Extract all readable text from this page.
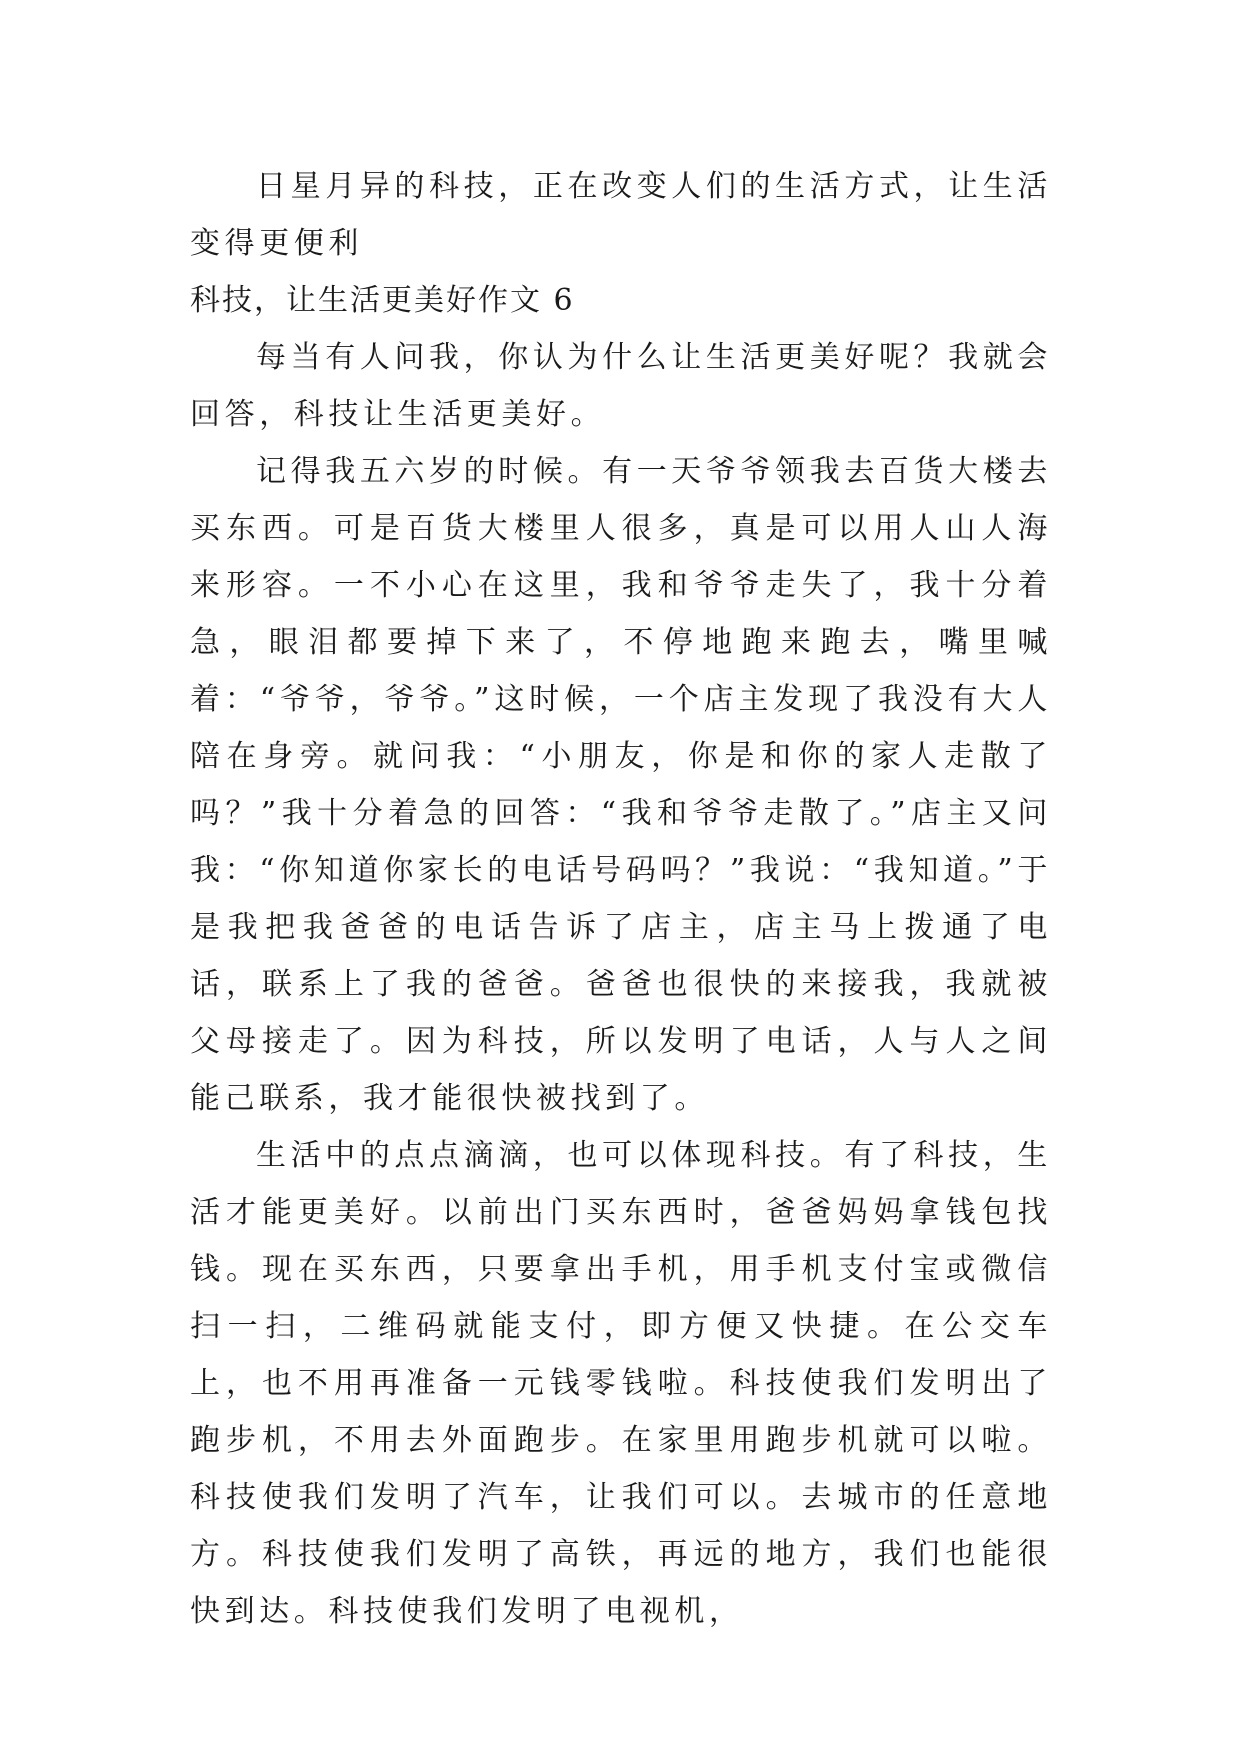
日星月异的科技，正在改变人们的生活方式，让生活变得更便利

科技，让生活更美好作文 6

每当有人问我，你认为什么让生活更美好呢？我就会回答，科技让生活更美好。

记得我五六岁的时候。有一天爷爷领我去百货大楼去买东西。可是百货大楼里人很多，真是可以用人山人海来形容。一不小心在这里，我和爷爷走失了，我十分着急，眼泪都要掉下来了，不停地跑来跑去，嘴里喊着：“爷爷，爷爷。”这时候，一个店主发现了我没有大人陪在身旁。就问我：“小朋友，你是和你的家人走散了吗？”我十分着急的回答：“我和爷爷走散了。”店主又问我：“你知道你家长的电话号码吗？”我说：“我知道。”于是我把我爸爸的电话告诉了店主，店主马上拨通了电话，联系上了我的爸爸。爸爸也很快的来接我，我就被父母接走了。因为科技，所以发明了电话，人与人之间能己联系，我才能很快被找到了。

生活中的点点滴滴，也可以体现科技。有了科技，生活才能更美好。以前出门买东西时，爸爸妈妈拿钱包找钱。现在买东西，只要拿出手机，用手机支付宝或微信扫一扫，二维码就能支付，即方便又快捷。在公交车上，也不用再准备一元钱零钱啦。科技使我们发明出了跑步机，不用去外面跑步。在家里用跑步机就可以啦。科技使我们发明了汽车，让我们可以。去城市的任意地方。科技使我们发明了高铁，再远的地方，我们也能很快到达。科技使我们发明了电视机，
